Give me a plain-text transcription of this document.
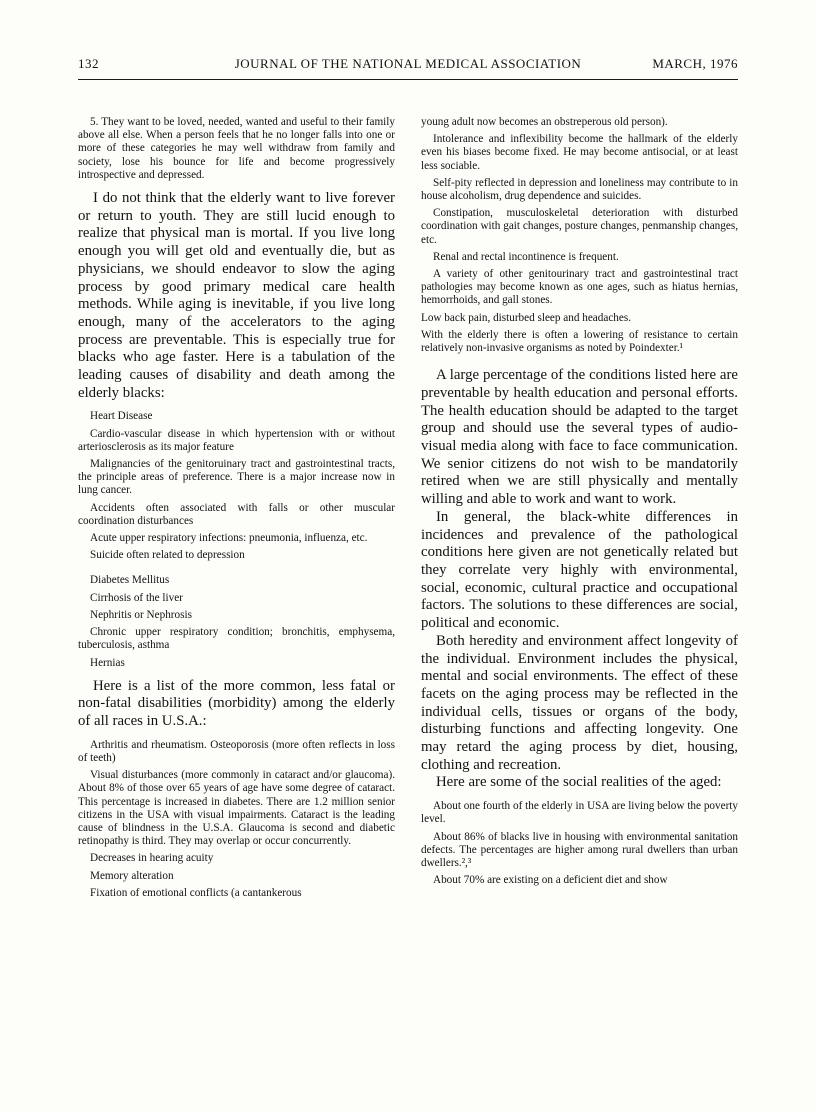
132	JOURNAL OF THE NATIONAL MEDICAL ASSOCIATION	MARCH, 1976

5. They want to be loved, needed, wanted and useful to their family above all else. When a person feels that he no longer falls into one or more of these categories he may well withdraw from family and society, lose his bounce for life and become progressively introspective and depressed.

I do not think that the elderly want to live forever or return to youth. They are still lucid enough to realize that physical man is mortal. If you live long enough you will get old and eventually die, but as physicians, we should endeavor to slow the aging process by good primary medical care health methods. While aging is inevitable, if you live long enough, many of the accelerators to the aging process are preventable. This is especially true for blacks who age faster. Here is a tabulation of the leading causes of disability and death among the elderly blacks:

Heart Disease

Cardio-vascular disease in which hypertension with or without arteriosclerosis as its major feature

Malignancies of the genitoruinary tract and gastrointestinal tracts, the principle areas of preference. There is a major increase now in lung cancer.

Accidents often associated with falls or other muscular coordination disturbances

Acute upper respiratory infections: pneumonia, influenza, etc.

Suicide often related to depression

Diabetes Mellitus

Cirrhosis of the liver

Nephritis or Nephrosis

Chronic upper respiratory condition; bronchitis, emphysema, tuberculosis, asthma

Hernias

Here is a list of the more common, less fatal or non-fatal disabilities (morbidity) among the elderly of all races in U.S.A.:

Arthritis and rheumatism. Osteoporosis (more often reflects in loss of teeth)

Visual disturbances (more commonly in cataract and/or glaucoma). About 8% of those over 65 years of age have some degree of cataract. This percentage is increased in diabetes. There are 1.2 million senior citizens in the USA with visual impairments. Cataract is the leading cause of blindness in the U.S.A. Glaucoma is second and diabetic retinopathy is third. They may overlap or occur concurrently.

Decreases in hearing acuity

Memory alteration

Fixation of emotional conflicts (a cantankerous

young adult now becomes an obstreperous old person).

Intolerance and inflexibility become the hallmark of the elderly even his biases become fixed. He may become antisocial, or at least less sociable.

Self-pity reflected in depression and loneliness may contribute to in house alcoholism, drug dependence and suicides.

Constipation, musculoskeletal deterioration with disturbed coordination with gait changes, posture changes, penmanship changes, etc.

Renal and rectal incontinence is frequent.

A variety of other genitourinary tract and gastrointestinal tract pathologies may become known as one ages, such as hiatus hernias, hemorrhoids, and gall stones.

Low back pain, disturbed sleep and headaches.

With the elderly there is often a lowering of resistance to certain relatively non-invasive organisms as noted by Poindexter.¹

A large percentage of the conditions listed here are preventable by health education and personal efforts. The health education should be adapted to the target group and should use the several types of audio-visual media along with face to face communication. We senior citizens do not wish to be mandatorily retired when we are still physically and mentally willing and able to work and want to work.

In general, the black-white differences in incidences and prevalence of the pathological conditions here given are not genetically related but they correlate very highly with environmental, social, economic, cultural practice and occupational factors. The solutions to these differences are social, political and economic.

Both heredity and environment affect longevity of the individual. Environment includes the physical, mental and social environments. The effect of these facets on the aging process may be reflected in the individual cells, tissues or organs of the body, disturbing functions and affecting longevity. One may retard the aging process by diet, housing, clothing and recreation.

Here are some of the social realities of the aged:

About one fourth of the elderly in USA are living below the poverty level.

About 86% of blacks live in housing with environmental sanitation defects. The percentages are higher among rural dwellers than urban dwellers.²,³

About 70% are existing on a deficient diet and show
